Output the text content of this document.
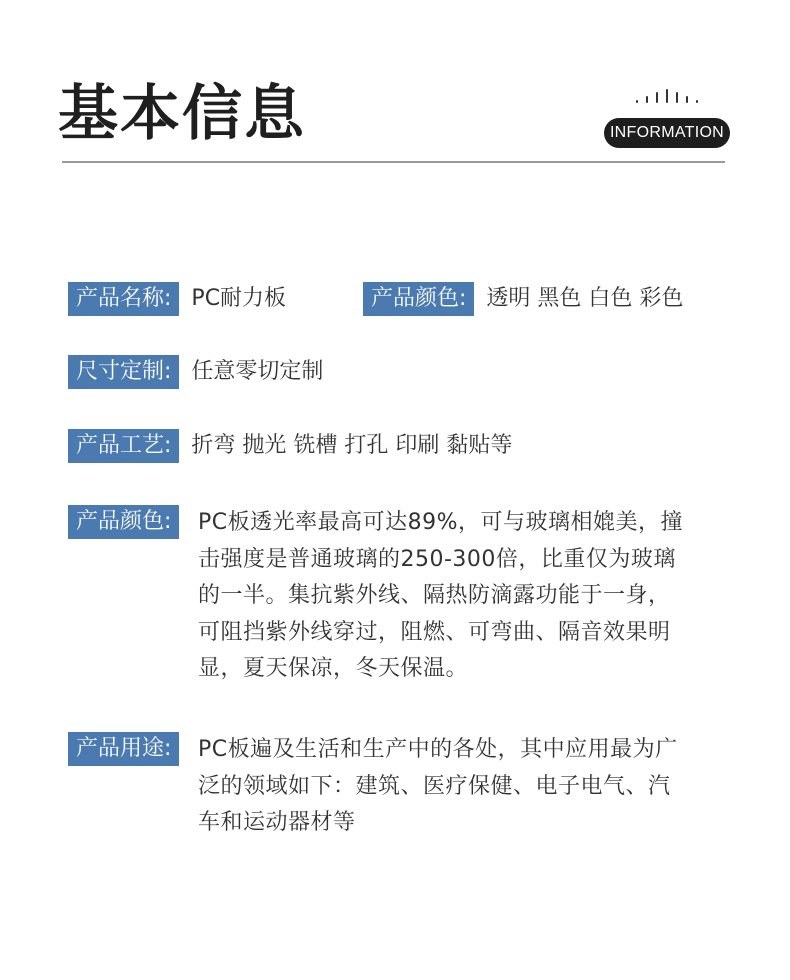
基本信息	INFORMATION
产品名称: PC耐力板	产品颜色: 透明 黑色 白色 彩色
尺寸定制: 任意零切定制
产品工艺: 折弯 抛光 铣槽 打孔 印刷 黏贴等
产品颜色:	PC板透光率最高可达89%，可与玻璃相媲美，撞
击强度是普通玻璃的250-300倍，比重仅为玻璃
的一半。集抗紫外线、隔热防滴露功能于一身，
可阻挡紫外线穿过，阻燃、可弯曲、隔音效果明
显，夏天保凉，冬天保温。
产品用途:	PC板遍及生活和生产中的各处，其中应用最为广
泛的领域如下：建筑、医疗保健、电子电气、汽
车和运动器材等
